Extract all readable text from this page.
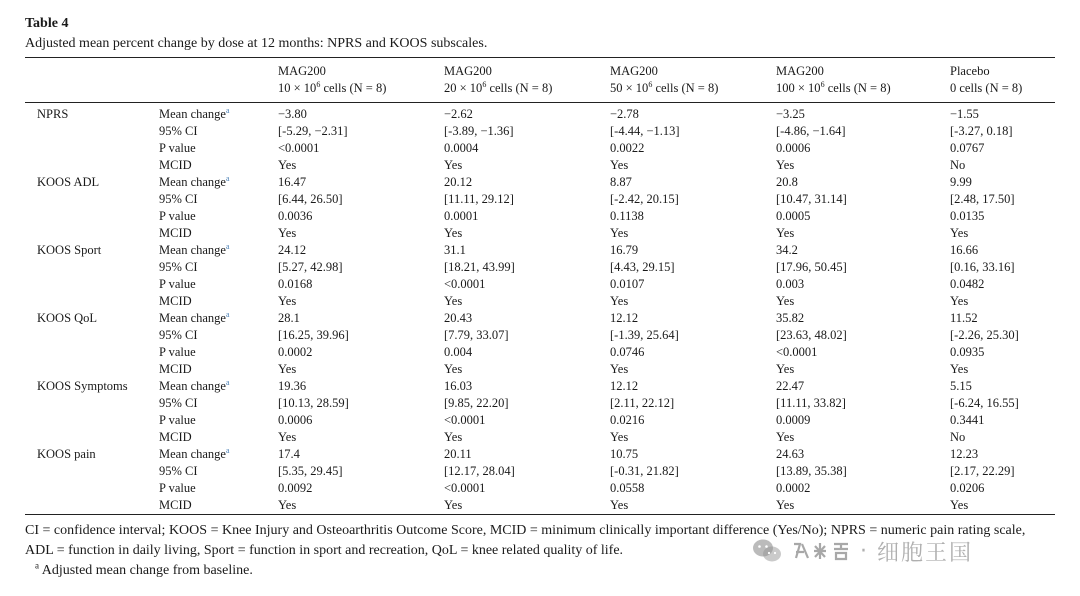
Table 4
Adjusted mean percent change by dose at 12 months: NPRS and KOOS subscales.
		MAG200	MAG200	MAG200	MAG200	Placebo
		$10 \times 10^6$ cells (N = 8)	$20 \times 10^6$ cells (N = 8)	$50 \times 10^6$ cells (N = 8)	$100 \times 10^6$ cells (N = 8)	0 cells (N = 8)

NPRS	Mean change$^a$	−3.80	−2.62	−2.78	−3.25	−1.55
	95% CI	[-5.29, −2.31]	[-3.89, −1.36]	[-4.44, −1.13]	[-4.86, −1.64]	[-3.27, 0.18]
	P value	<0.0001	0.0004	0.0022	0.0006	0.0767
	MCID	Yes	Yes	Yes	Yes	No
KOOS ADL	Mean change$^a$	16.47	20.12	8.87	20.8	9.99
	95% CI	[6.44, 26.50]	[11.11, 29.12]	[-2.42, 20.15]	[10.47, 31.14]	[2.48, 17.50]
	P value	0.0036	0.0001	0.1138	0.0005	0.0135
	MCID	Yes	Yes	Yes	Yes	Yes
KOOS Sport	Mean change$^a$	24.12	31.1	16.79	34.2	16.66
	95% CI	[5.27, 42.98]	[18.21, 43.99]	[4.43, 29.15]	[17.96, 50.45]	[0.16, 33.16]
	P value	0.0168	<0.0001	0.0107	0.003	0.0482
	MCID	Yes	Yes	Yes	Yes	Yes
KOOS QoL	Mean change$^a$	28.1	20.43	12.12	35.82	11.52
	95% CI	[16.25, 39.96]	[7.79, 33.07]	[-1.39, 25.64]	[23.63, 48.02]	[-2.26, 25.30]
	P value	0.0002	0.004	0.0746	<0.0001	0.0935
	MCID	Yes	Yes	Yes	Yes	Yes
KOOS Symptoms	Mean change$^a$	19.36	16.03	12.12	22.47	5.15
	95% CI	[10.13, 28.59]	[9.85, 22.20]	[2.11, 22.12]	[11.11, 33.82]	[-6.24, 16.55]
	P value	0.0006	<0.0001	0.0216	0.0009	0.3441
	MCID	Yes	Yes	Yes	Yes	No
KOOS pain	Mean change$^a$	17.4	20.11	10.75	24.63	12.23
	95% CI	[5.35, 29.45]	[12.17, 28.04]	[-0.31, 21.82]	[13.89, 35.38]	[2.17, 22.29]
	P value	0.0092	<0.0001	0.0558	0.0002	0.0206
	MCID	Yes	Yes	Yes	Yes	Yes
CI = confidence interval; KOOS = Knee Injury and Osteoarthritis Outcome Score, MCID = minimum clinically important difference (Yes/No); NPRS = numeric pain rating scale, ADL = function in daily living, Sport = function in sport and recreation, QoL = knee related quality of life.
$^a$ Adjusted mean change from baseline.
· 细胞王国
